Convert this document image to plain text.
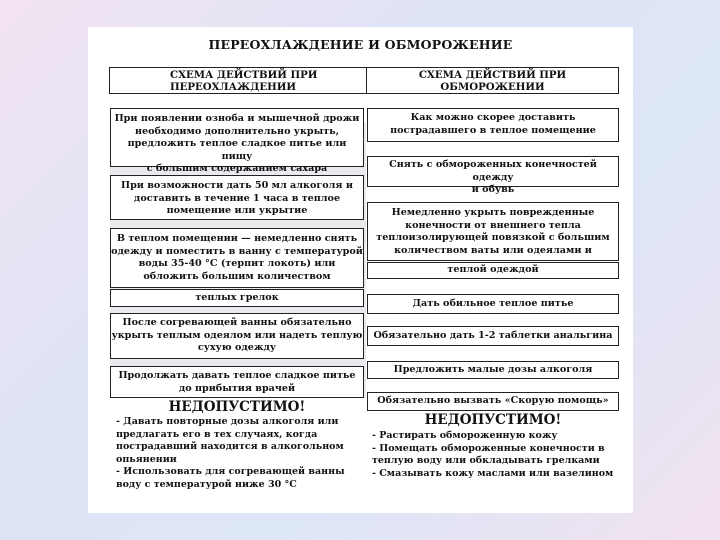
ПЕРЕОХЛАЖДЕНИЕ И ОБМОРОЖЕНИЕ
СХЕМА ДЕЙСТВИЙ ПРИ
ПЕРЕОХЛАЖДЕНИИ
СХЕМА ДЕЙСТВИЙ ПРИ ОБМОРОЖЕНИИ
При появлении озноба и мышечной дрожи
необходимо дополнительно укрыть,
предложить теплое сладкое питье или пищу
с большим содержанием сахара
При возможности дать 50 мл алкоголя и
доставить в течение 1 часа в теплое
помещение или укрытие
В теплом помещении — немедленно снять
одежду и поместить в ванну с температурой
воды 35-40 °С (терпит локоть) или
обложить большим количеством
теплых грелок
После согревающей ванны обязательно
укрыть теплым одеялом или надеть теплую
сухую одежду
Продолжать давать теплое сладкое питье
до прибытия врачей
Как можно скорее доставить
пострадавшего в теплое помещение
Снять с обмороженных конечностей одежду
и обувь
Немедленно укрыть поврежденные
конечности от внешнего тепла
теплоизолирующей повязкой с большим
количеством ваты или одеялами и
теплой одеждой
Дать обильное теплое питье
Обязательно дать 1-2 таблетки анальгина
Предложить малые дозы алкоголя
Обязательно вызвать «Скорую помощь»
НЕДОПУСТИМО!
- Давать повторные дозы алкоголя или
предлагать его в тех случаях, когда
пострадавший находится в алкогольном
опьянении
- Использовать для согревающей ванны
воду с температурой ниже 30 °С
НЕДОПУСТИМО!
- Растирать обмороженную кожу
- Помещать обмороженные конечности в
теплую воду или обкладывать грелками
- Смазывать кожу маслами или вазелином
